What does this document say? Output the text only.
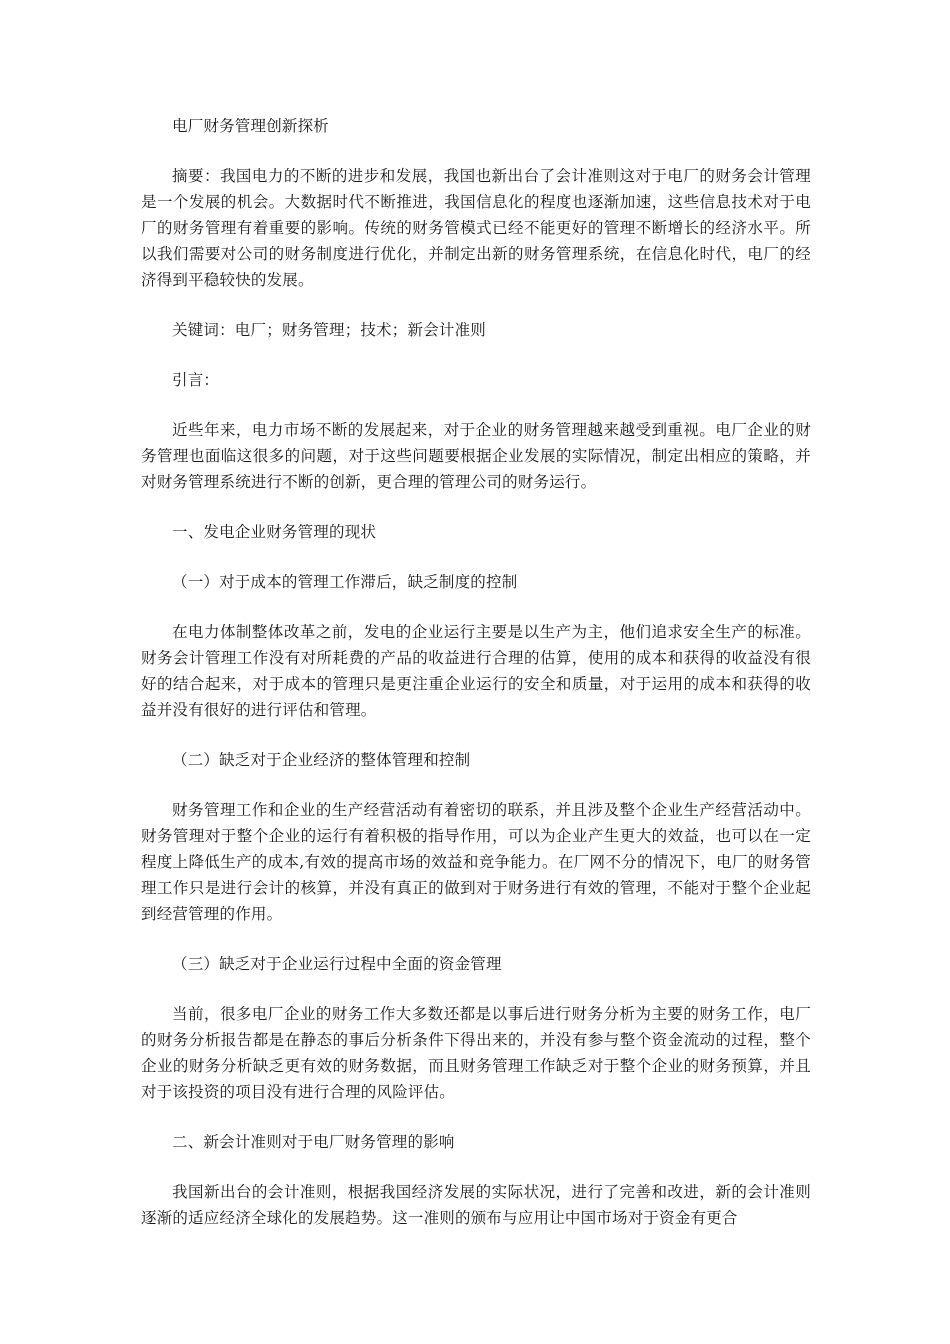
电厂财务管理创新探析

摘要：我国电力的不断的进步和发展，我国也新出台了会计准则这对于电厂的财务会计管理是一个发展的机会。大数据时代不断推进，我国信息化的程度也逐渐加速，这些信息技术对于电厂的财务管理有着重要的影响。传统的财务管模式已经不能更好的管理不断增长的经济水平。所以我们需要对公司的财务制度进行优化，并制定出新的财务管理系统，在信息化时代，电厂的经济得到平稳较快的发展。

关键词：电厂；财务管理；技术；新会计准则

引言：

近些年来，电力市场不断的发展起来，对于企业的财务管理越来越受到重视。电厂企业的财务管理也面临这很多的问题，对于这些问题要根据企业发展的实际情况，制定出相应的策略，并对财务管理系统进行不断的创新，更合理的管理公司的财务运行。

一、发电企业财务管理的现状

（一）对于成本的管理工作滞后，缺乏制度的控制

在电力体制整体改革之前，发电的企业运行主要是以生产为主，他们追求安全生产的标准。财务会计管理工作没有对所耗费的产品的收益进行合理的估算，使用的成本和获得的收益没有很好的结合起来，对于成本的管理只是更注重企业运行的安全和质量，对于运用的成本和获得的收益并没有很好的进行评估和管理。

（二）缺乏对于企业经济的整体管理和控制

财务管理工作和企业的生产经营活动有着密切的联系，并且涉及整个企业生产经营活动中。财务管理对于整个企业的运行有着积极的指导作用，可以为企业产生更大的效益，也可以在一定程度上降低生产的成本,有效的提高市场的效益和竞争能力。在厂网不分的情况下，电厂的财务管理工作只是进行会计的核算，并没有真正的做到对于财务进行有效的管理，不能对于整个企业起到经营管理的作用。

（三）缺乏对于企业运行过程中全面的资金管理

当前，很多电厂企业的财务工作大多数还都是以事后进行财务分析为主要的财务工作，电厂的财务分析报告都是在静态的事后分析条件下得出来的，并没有参与整个资金流动的过程，整个企业的财务分析缺乏更有效的财务数据，而且财务管理工作缺乏对于整个企业的财务预算，并且对于该投资的项目没有进行合理的风险评估。

二、新会计准则对于电厂财务管理的影响

我国新出台的会计准则，根据我国经济发展的实际状况，进行了完善和改进，新的会计准则逐渐的适应经济全球化的发展趋势。这一准则的颁布与应用让中国市场对于资金有更合
